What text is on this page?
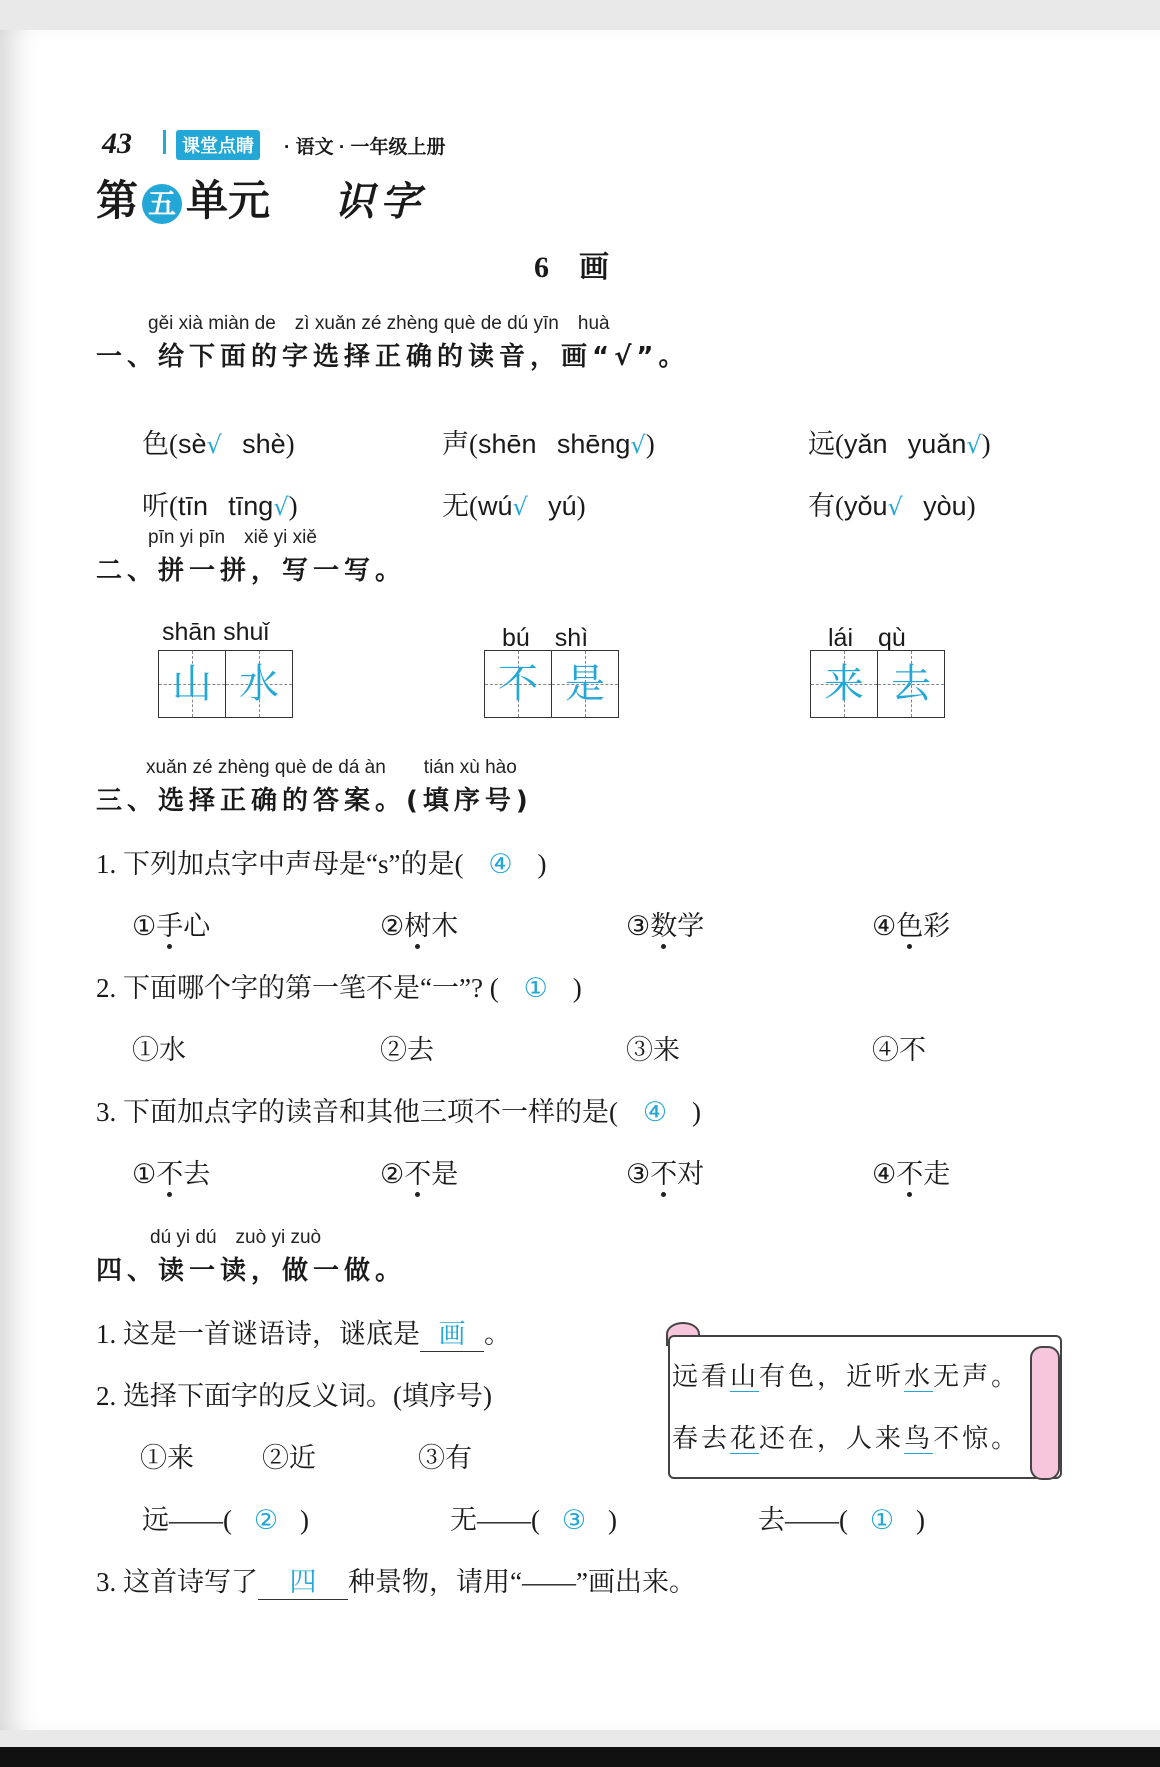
43	课堂点睛	· 语文 · 一年级上册
第 五 单元 识字
6　画
gěi xià miàn de　zì xuǎn zé zhèng què de dú yīn　huà
一、给下面的字选择正确的读音，画“√”。
色(sè√ shè)	声(shēn shēng√)	远(yǎn yuǎn√)
听(tīn tīng√)	无(wú√ yú)	有(yǒu√ yòu)
pīn yi pīn　xiě yi xiě
二、拼一拼，写一写。
shān shuǐ
山 水
bú　shì
不 是
lái　qù
来 去
xuǎn zé zhèng què de dá àn　　tián xù hào
三、选择正确的答案。(填序号)
1. 下列加点字中声母是“s”的是( ④ )
①手心	②树木	③数学	④色彩
2. 下面哪个字的第一笔不是“一”? ( ① )
①水	②去	③来	④不
3. 下面加点字的读音和其他三项不一样的是( ④ )
①不去	②不是	③不对	④不走
dú yi dú　zuò yi zuò
四、读一读，做一做。
1. 这是一首谜语诗，谜底是 画 。
2. 选择下面字的反义词。(填序号)
①来	②近	③有
远——( ② )	无——( ③ )	去——( ① )
3. 这首诗写了 四 种景物，请用“——”画出来。
远看山有色，近听水无声。
春去花还在，人来鸟不惊。
